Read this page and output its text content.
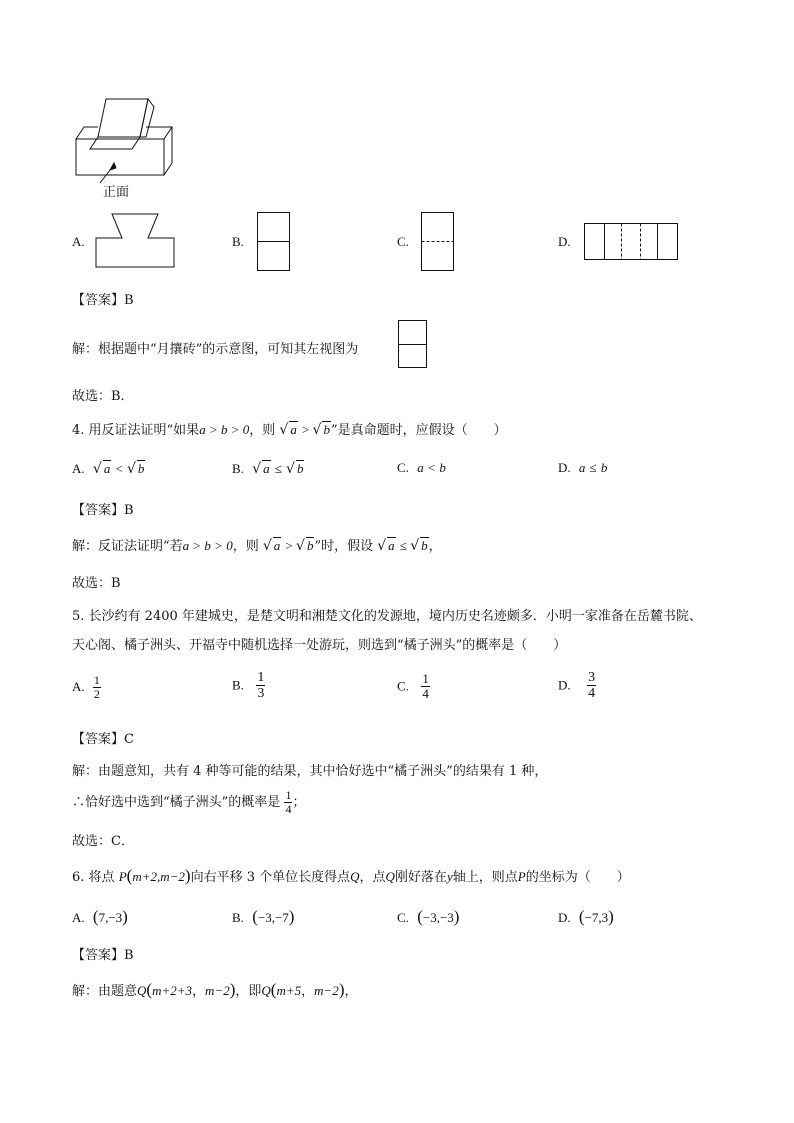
正面
A.	B.	C.	D.
【答案】B
解：根据题中“月攘砖”的示意图，可知其左视图为
故选：B．
4. 用反证法证明“如果a > b > 0，则 √ a > √ b”是真命题时，应假设（　　）
A. √ a < √ b	B. √ a ≤ √ b	C. a < b	D. a ≤ b
【答案】B
解：反证法证明“若a > b > 0，则 √ a > √ b”时，假设 √ a ≤ √ b，
故选：B
5. 长沙约有 2400 年建城史，是楚文明和湘楚文化的发源地，境内历史名迹颇多．小明一家准备在岳麓书院、
天心阁、橘子洲头、开福寺中随机选择一处游玩，则选到“橘子洲头”的概率是（　　）
A. $\frac{1}{2}$	B. $\frac{1}{3}$	C. $\frac{1}{4}$	D. $\frac{3}{4}$
【答案】C
解：由题意知，共有 4 种等可能的结果，其中恰好选中“橘子洲头”的结果有 1 种，
∴恰好选中选到“橘子洲头”的概率是 $\frac{1}{4}$ ；
故选：C．
6. 将点 P(m+2,m−2)向右平移 3 个单位长度得点Q，点Q刚好落在y轴上，则点P的坐标为（　　）
A. (7,−3)	B. (−3,−7)	C. (−3,−3)	D. (−7,3)
【答案】B
解：由题意Q(m+2+3，m−2)，即Q(m+5，m−2)，
